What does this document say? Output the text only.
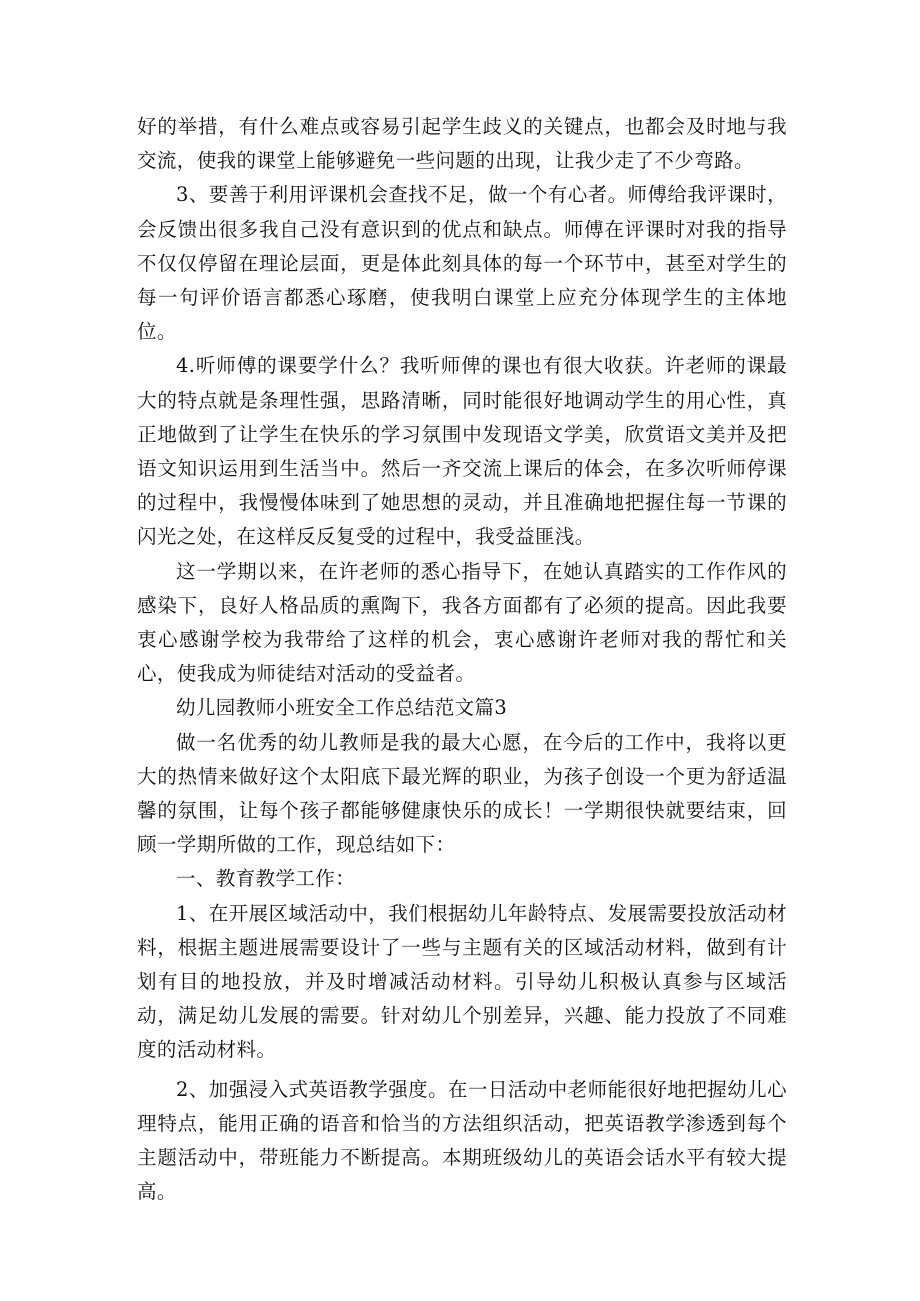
好的举措，有什么难点或容易引起学生歧义的关键点，也都会及时地与我交流，使我的课堂上能够避免一些问题的出现，让我少走了不少弯路。

3、要善于利用评课机会查找不足，做一个有心者。师傅给我评课时，会反馈出很多我自己没有意识到的优点和缺点。师傅在评课时对我的指导不仅仅停留在理论层面，更是体此刻具体的每一个环节中，甚至对学生的每一句评价语言都悉心琢磨，使我明白课堂上应充分体现学生的主体地位。

4.听师傅的课要学什么？我听师俾的课也有很大收获。许老师的课最大的特点就是条理性强，思路清晰，同时能很好地调动学生的用心性，真正地做到了让学生在快乐的学习氛围中发现语文学美，欣赏语文美并及把语文知识运用到生活当中。然后一齐交流上课后的体会，在多次听师停课的过程中，我慢慢体味到了她思想的灵动，并且准确地把握住每一节课的闪光之处，在这样反反复受的过程中，我受益匪浅。

这一学期以来，在许老师的悉心指导下，在她认真踏实的工作作风的感染下，良好人格品质的熏陶下，我各方面都有了必须的提高。因此我要衷心感谢学校为我带给了这样的机会，衷心感谢许老师对我的帮忙和关心，使我成为师徒结对活动的受益者。

幼儿园教师小班安全工作总结范文篇3

做一名优秀的幼儿教师是我的最大心愿，在今后的工作中，我将以更大的热情来做好这个太阳底下最光辉的职业，为孩子创设一个更为舒适温馨的氛围，让每个孩子都能够健康快乐的成长！一学期很快就要结束，回顾一学期所做的工作，现总结如下：

一、教育教学工作：

1、在开展区域活动中，我们根据幼儿年龄特点、发展需要投放活动材料，根据主题进展需要设计了一些与主题有关的区域活动材料，做到有计划有目的地投放，并及时增减活动材料。引导幼儿积极认真参与区域活动，满足幼儿发展的需要。针对幼儿个别差异，兴趣、能力投放了不同难度的活动材料。

2、加强浸入式英语教学强度。在一日活动中老师能很好地把握幼儿心理特点，能用正确的语音和恰当的方法组织活动，把英语教学渗透到每个主题活动中，带班能力不断提高。本期班级幼儿的英语会话水平有较大提高。
